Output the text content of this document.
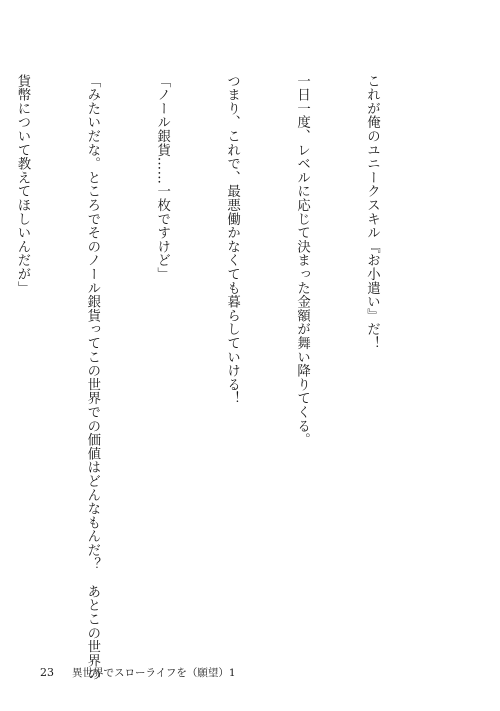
これが俺のユニークスキル『お小遣い』だ！

一日一度、レベルに応じて決まった金額が舞い降りてくる。

つまり、これで、最悪働かなくても暮らしていける！

「ノール銀貨……一枚ですけど」

「みたいだな。ところでそのノール銀貨ってこの世界での価値はどんなもんだ？　あとこの世界の

貨幣について教えてほしいんだが」

23 異世界でスローライフを（願望）1
